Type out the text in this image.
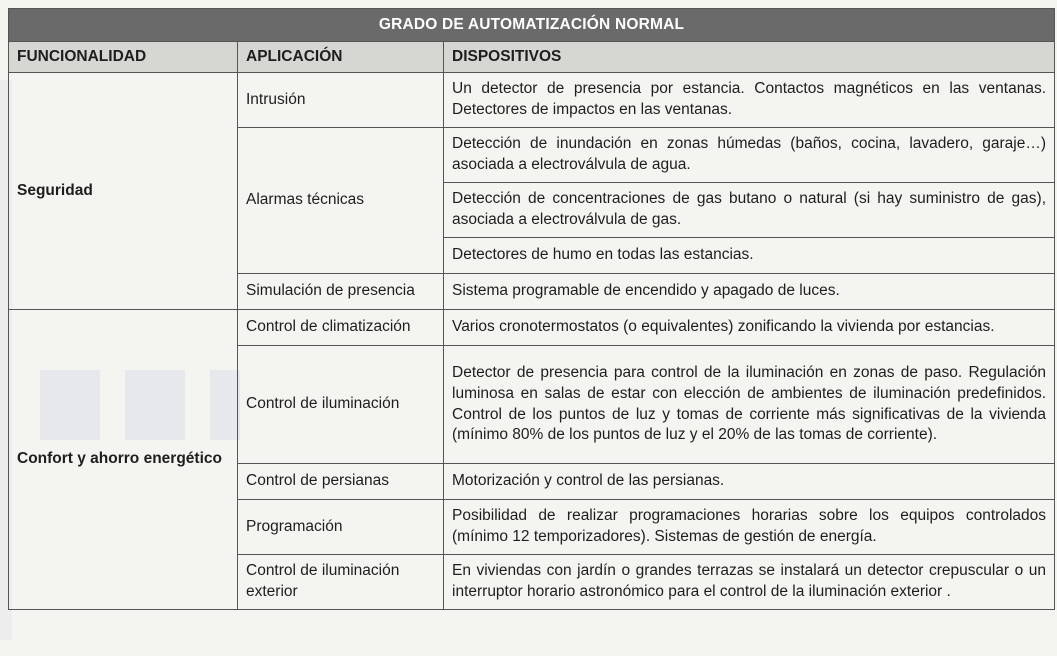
GRADO DE AUTOMATIZACIÓN NORMAL		
FUNCIONALIDAD	APLICACIÓN	DISPOSITIVOS
Seguridad	Intrusión	Un detector de presencia por estancia. Contactos magnéticos en las ventanas. Detectores de impactos en las ventanas.
	Alarmas técnicas	Detección de inundación en zonas húmedas (baños, cocina, lavadero, garaje…) asociada a electroválvula de agua.
		Detección de concentraciones de gas butano o natural (si hay suministro de gas), asociada a electroválvula de gas.
		Detectores de humo en todas las estancias.
	Simulación de presencia	Sistema programable de encendido y apagado de luces.
Confort y ahorro energético	Control de climatización	Varios cronotermostatos (o equivalentes) zonificando la vivienda por estancias.
	Control de iluminación	Detector de presencia para control de la iluminación en zonas de paso. Regulación luminosa en salas de estar con elección de ambientes de iluminación predefinidos. Control de los puntos de luz y tomas de corriente más significativas de la vivienda (mínimo 80% de los puntos de luz y el 20% de las tomas de corriente).
	Control de persianas	Motorización y control de las persianas.
	Programación	Posibilidad de realizar programaciones horarias sobre los equipos controlados (mínimo 12 temporizadores). Sistemas de gestión de energía.
	Control de iluminación exterior	En viviendas con jardín o grandes terrazas se instalará un detector crepuscular o un interruptor horario astronómico para el control de la iluminación exterior .
